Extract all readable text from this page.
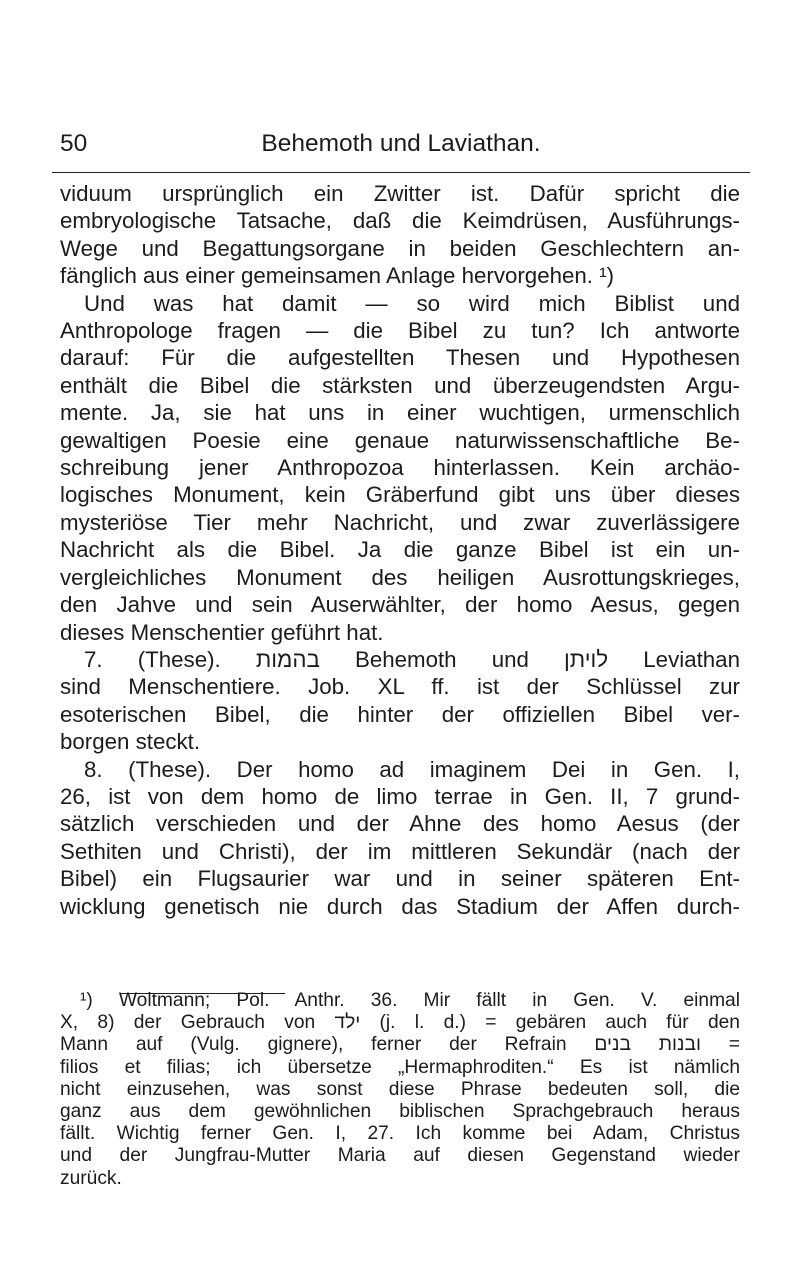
50	Behemoth und Laviathan.
viduum ursprünglich ein Zwitter ist. Dafür spricht die
embryologische Tatsache, daß die Keimdrüsen, Ausführungs-
Wege und Begattungsorgane in beiden Geschlechtern an-
fänglich aus einer gemeinsamen Anlage hervorgehen. ¹)
Und was hat damit — so wird mich Biblist und
Anthropologe fragen — die Bibel zu tun? Ich antworte
darauf: Für die aufgestellten Thesen und Hypothesen
enthält die Bibel die stärksten und überzeugendsten Argu-
mente. Ja, sie hat uns in einer wuchtigen, urmenschlich
gewaltigen Poesie eine genaue naturwissenschaftliche Be-
schreibung jener Anthropozoa hinterlassen. Kein archäo-
logisches Monument, kein Gräberfund gibt uns über dieses
mysteriöse Tier mehr Nachricht, und zwar zuverlässigere
Nachricht als die Bibel. Ja die ganze Bibel ist ein un-
vergleichliches Monument des heiligen Ausrottungskrieges,
den Jahve und sein Auserwählter, der homo Aesus, gegen
dieses Menschentier geführt hat.
7. (These). בהמות Behemoth und לויתן Leviathan
sind Menschentiere. Job. XL ff. ist der Schlüssel zur
esoterischen Bibel, die hinter der offiziellen Bibel ver-
borgen steckt.
8. (These). Der homo ad imaginem Dei in Gen. I,
26, ist von dem homo de limo terrae in Gen. II, 7 grund-
sätzlich verschieden und der Ahne des homo Aesus (der
Sethiten und Christi), der im mittleren Sekundär (nach der
Bibel) ein Flugsaurier war und in seiner späteren Ent-
wicklung genetisch nie durch das Stadium der Affen durch-
¹) Woltmann; Pol. Anthr. 36. Mir fällt in Gen. V. einmal
X, 8) der Gebrauch von ילד (j. l. d.) = gebären auch für den
Mann auf (Vulg. gignere), ferner der Refrain ובנות בנים =
filios et filias; ich übersetze „Hermaphroditen.“ Es ist nämlich
nicht einzusehen, was sonst diese Phrase bedeuten soll, die
ganz aus dem gewöhnlichen biblischen Sprachgebrauch heraus
fällt. Wichtig ferner Gen. I, 27. Ich komme bei Adam, Christus
und der Jungfrau-Mutter Maria auf diesen Gegenstand wieder
zurück.
